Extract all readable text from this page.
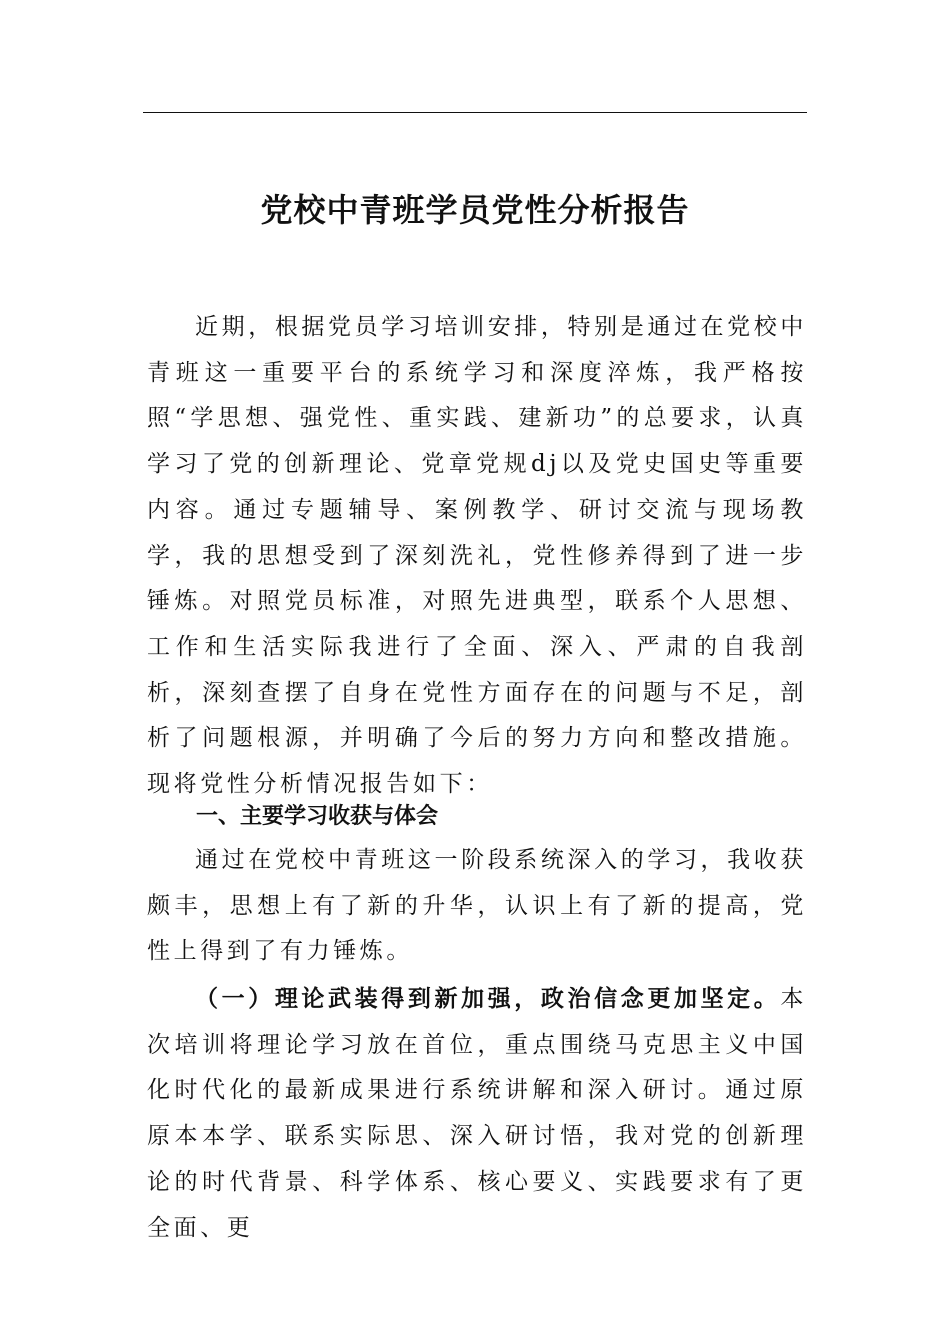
党校中青班学员党性分析报告

近期，根据党员学习培训安排，特别是通过在党校中青班这一重要平台的系统学习和深度淬炼，我严格按照“学思想、强党性、重实践、建新功”的总要求，认真学习了党的创新理论、党章党规dj以及党史国史等重要内容。通过专题辅导、案例教学、研讨交流与现场教学，我的思想受到了深刻洗礼，党性修养得到了进一步锤炼。对照党员标准，对照先进典型，联系个人思想、工作和生活实际我进行了全面、深入、严肃的自我剖析，深刻查摆了自身在党性方面存在的问题与不足，剖析了问题根源，并明确了今后的努力方向和整改措施。现将党性分析情况报告如下：

一、主要学习收获与体会

通过在党校中青班这一阶段系统深入的学习，我收获颇丰，思想上有了新的升华，认识上有了新的提高，党性上得到了有力锤炼。

（一）理论武装得到新加强，政治信念更加坚定。本次培训将理论学习放在首位，重点围绕马克思主义中国化时代化的最新成果进行系统讲解和深入研讨。通过原原本本学、联系实际思、深入研讨悟，我对党的创新理论的时代背景、科学体系、核心要义、实践要求有了更全面、更
